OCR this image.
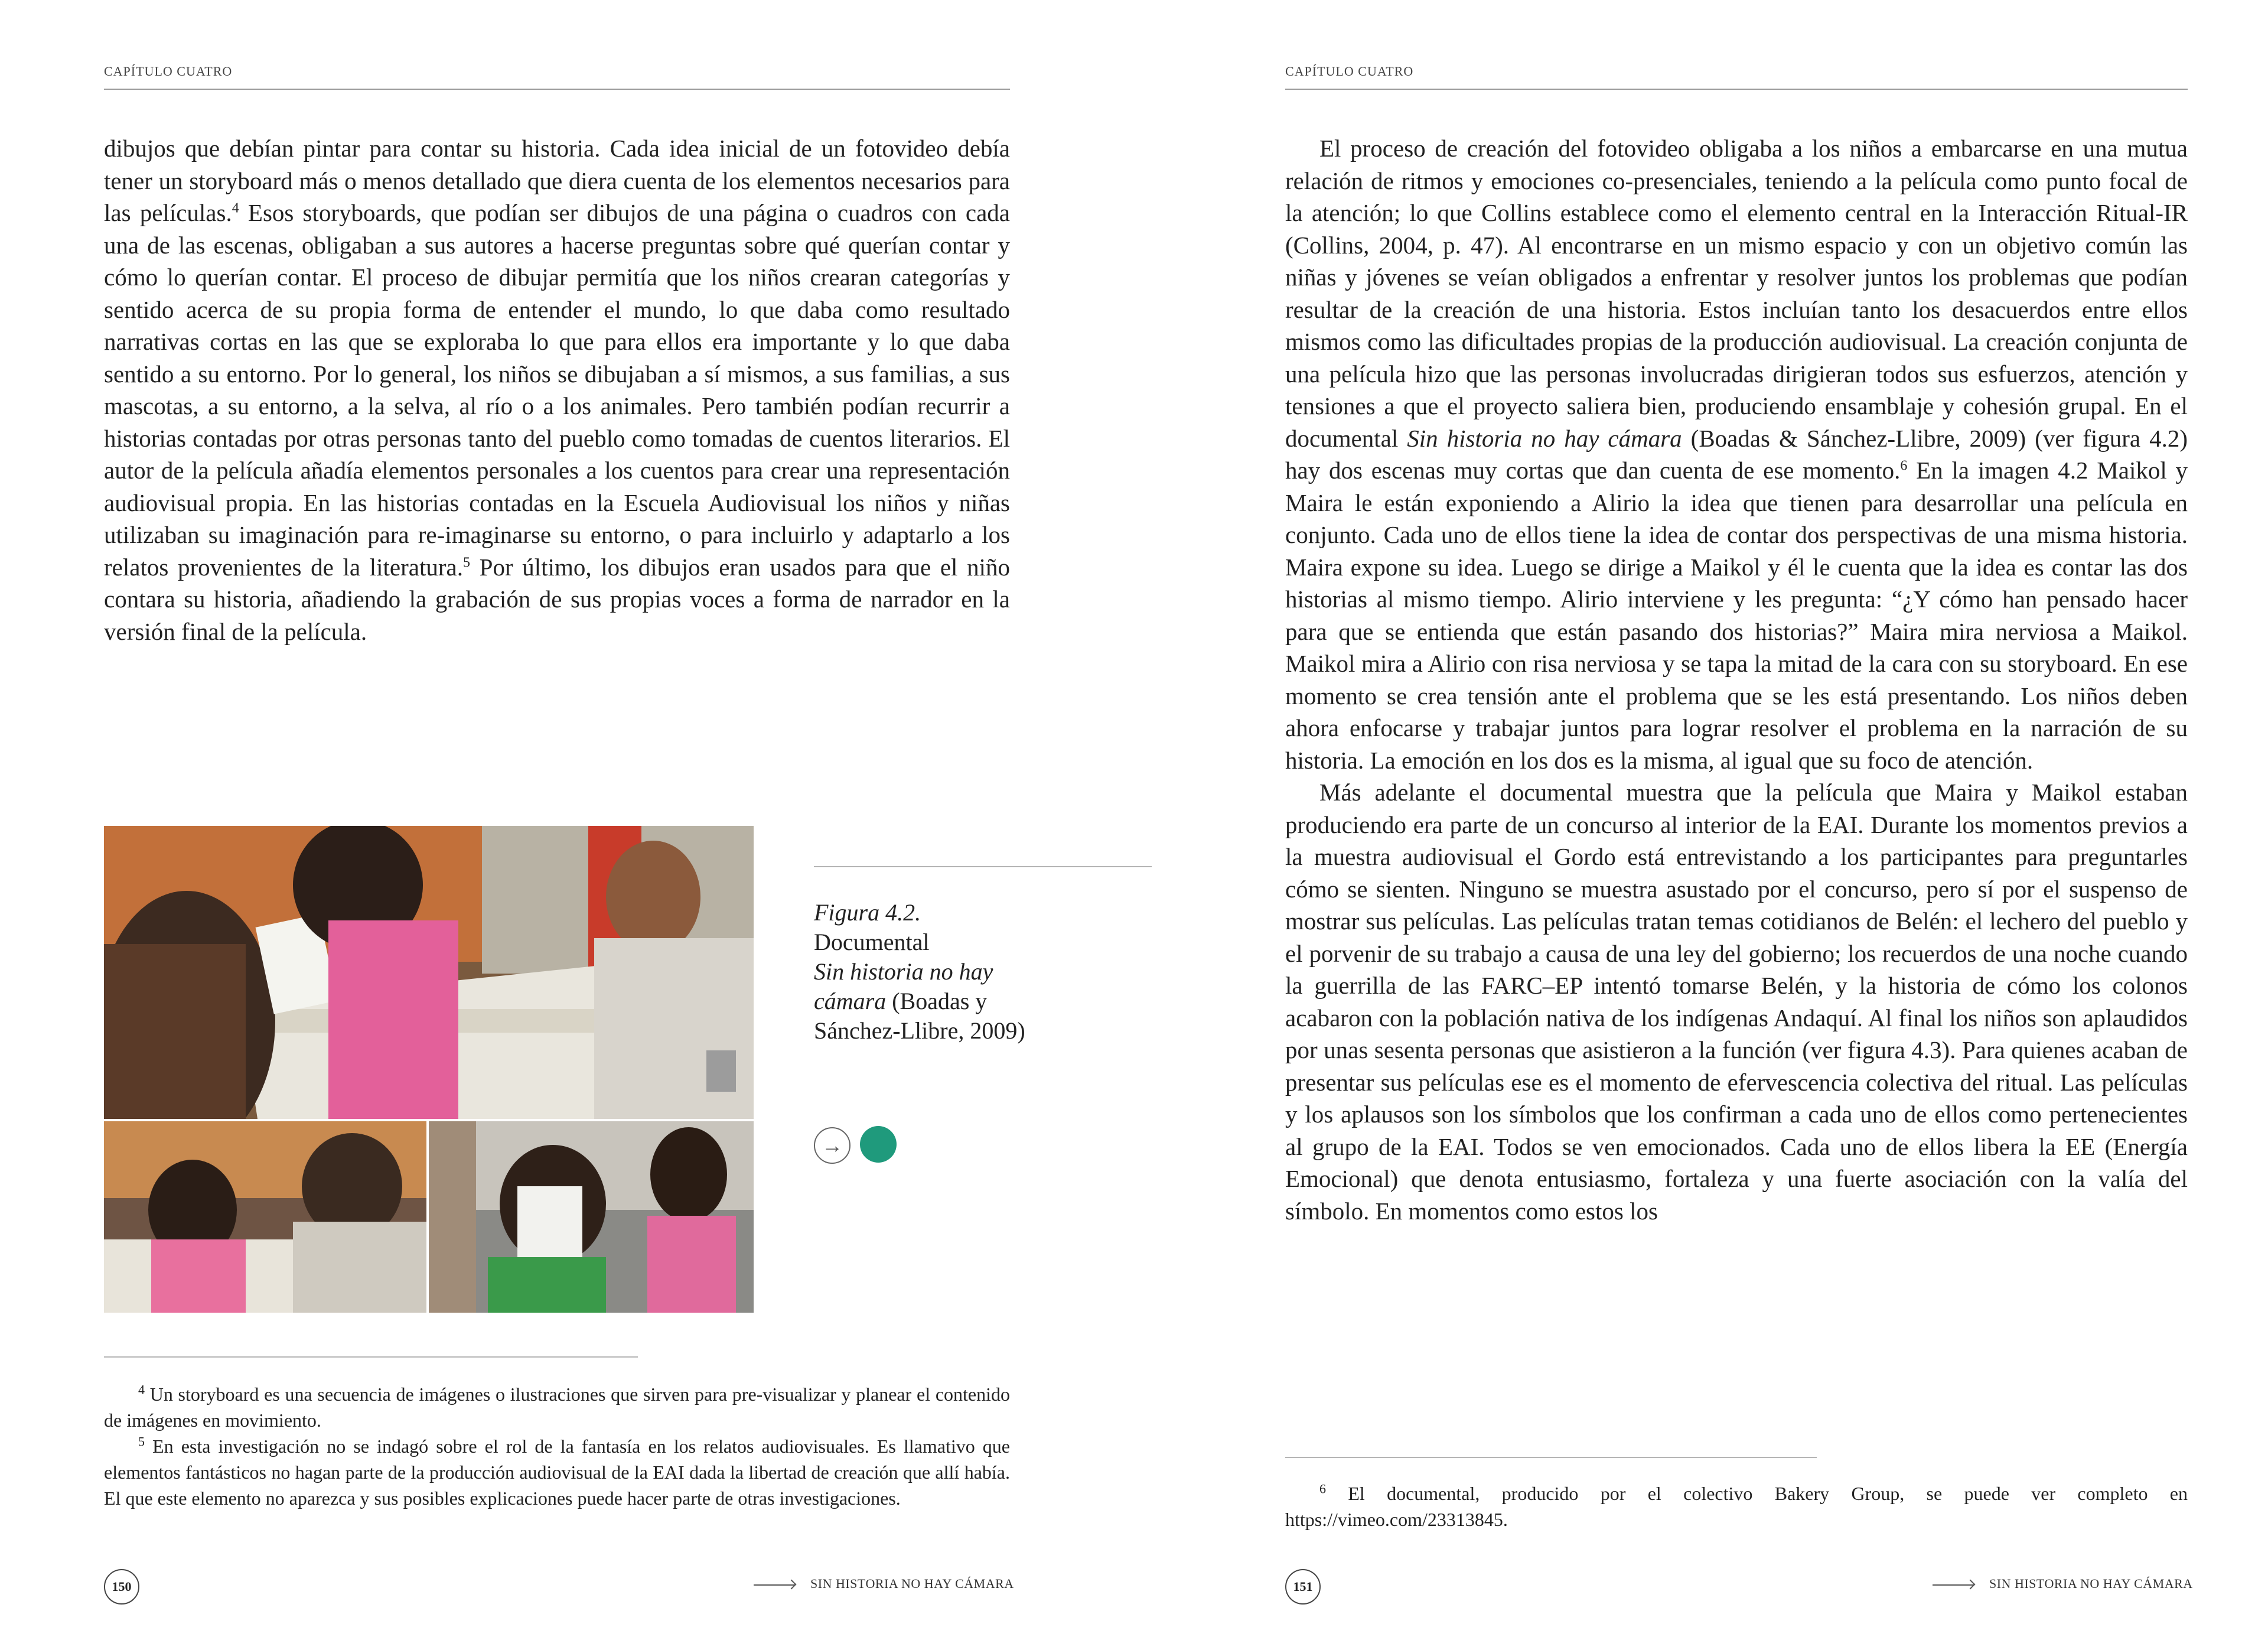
CAPÍTULO CUATRO

dibujos que debían pintar para contar su historia. Cada idea inicial de un fotovideo debía tener un storyboard más o menos detallado que diera cuenta de los elementos necesarios para las películas.$^4$ Esos storyboards, que podían ser dibujos de una página o cuadros con cada una de las escenas, obligaban a sus autores a hacerse preguntas sobre qué querían contar y cómo lo querían contar. El proceso de dibujar permitía que los niños crearan categorías y sentido acerca de su propia forma de entender el mundo, lo que daba como resultado narrativas cortas en las que se exploraba lo que para ellos era importante y lo que daba sentido a su entorno. Por lo general, los niños se dibujaban a sí mismos, a sus familias, a sus mascotas, a su entorno, a la selva, al río o a los animales. Pero también podían recurrir a historias contadas por otras personas tanto del pueblo como tomadas de cuentos literarios. El autor de la película añadía elementos personales a los cuentos para crear una representación audiovisual propia. En las historias contadas en la Escuela Audiovisual los niños y niñas utilizaban su imaginación para re-imaginarse su entorno, o para incluirlo y adaptarlo a los relatos provenientes de la literatura.$^5$ Por último, los dibujos eran usados para que el niño contara su historia, añadiendo la grabación de sus propias voces a forma de narrador en la versión final de la película.

Figura 4.2.
Documental
Sin historia no hay cámara (Boadas y Sánchez-Llibre, 2009)
→

$^4$ Un storyboard es una secuencia de imágenes o ilustraciones que sirven para pre-visualizar y planear el contenido de imágenes en movimiento.

$^5$ En esta investigación no se indagó sobre el rol de la fantasía en los relatos audiovisuales. Es llamativo que elementos fantásticos no hagan parte de la producción audiovisual de la EAI dada la libertad de creación que allí había. El que este elemento no aparezca y sus posibles explicaciones puede hacer parte de otras investigaciones.

150	SIN HISTORIA NO HAY CÁMARA
CAPÍTULO CUATRO

El proceso de creación del fotovideo obligaba a los niños a embarcarse en una mutua relación de ritmos y emociones co-presenciales, teniendo a la película como punto focal de la atención; lo que Collins establece como el elemento central en la Interacción Ritual-IR (Collins, 2004, p. 47). Al encontrarse en un mismo espacio y con un objetivo común las niñas y jóvenes se veían obligados a enfrentar y resolver juntos los problemas que podían resultar de la creación de una historia. Estos incluían tanto los desacuerdos entre ellos mismos como las dificultades propias de la producción audiovisual. La creación conjunta de una película hizo que las personas involucradas dirigieran todos sus esfuerzos, atención y tensiones a que el proyecto saliera bien, produciendo ensamblaje y cohesión grupal. En el documental Sin historia no hay cámara (Boadas & Sánchez-Llibre, 2009) (ver figura 4.2) hay dos escenas muy cortas que dan cuenta de ese momento.$^6$ En la imagen 4.2 Maikol y Maira le están exponiendo a Alirio la idea que tienen para desarrollar una película en conjunto. Cada uno de ellos tiene la idea de contar dos perspectivas de una misma historia. Maira expone su idea. Luego se dirige a Maikol y él le cuenta que la idea es contar las dos historias al mismo tiempo. Alirio interviene y les pregunta: “¿Y cómo han pensado hacer para que se entienda que están pasando dos historias?” Maira mira nerviosa a Maikol. Maikol mira a Alirio con risa nerviosa y se tapa la mitad de la cara con su storyboard. En ese momento se crea tensión ante el problema que se les está presentando. Los niños deben ahora enfocarse y trabajar juntos para lograr resolver el problema en la narración de su historia. La emoción en los dos es la misma, al igual que su foco de atención.

Más adelante el documental muestra que la película que Maira y Maikol estaban produciendo era parte de un concurso al interior de la EAI. Durante los momentos previos a la muestra audiovisual el Gordo está entrevistando a los participantes para preguntarles cómo se sienten. Ninguno se muestra asustado por el concurso, pero sí por el suspenso de mostrar sus películas. Las películas tratan temas cotidianos de Belén: el lechero del pueblo y el porvenir de su trabajo a causa de una ley del gobierno; los recuerdos de una noche cuando la guerrilla de las FARC–EP intentó tomarse Belén, y la historia de cómo los colonos acabaron con la población nativa de los indígenas Andaquí. Al final los niños son aplaudidos por unas sesenta personas que asistieron a la función (ver figura 4.3). Para quienes acaban de presentar sus películas ese es el momento de efervescencia colectiva del ritual. Las películas y los aplausos son los símbolos que los confirman a cada uno de ellos como pertenecientes al grupo de la EAI. Todos se ven emocionados. Cada uno de ellos libera la EE (Energía Emocional) que denota entusiasmo, fortaleza y una fuerte asociación con la valía del símbolo. En momentos como estos los

$^6$ El documental, producido por el colectivo Bakery Group, se puede ver completo en https://vimeo.com/23313845.

151	SIN HISTORIA NO HAY CÁMARA
